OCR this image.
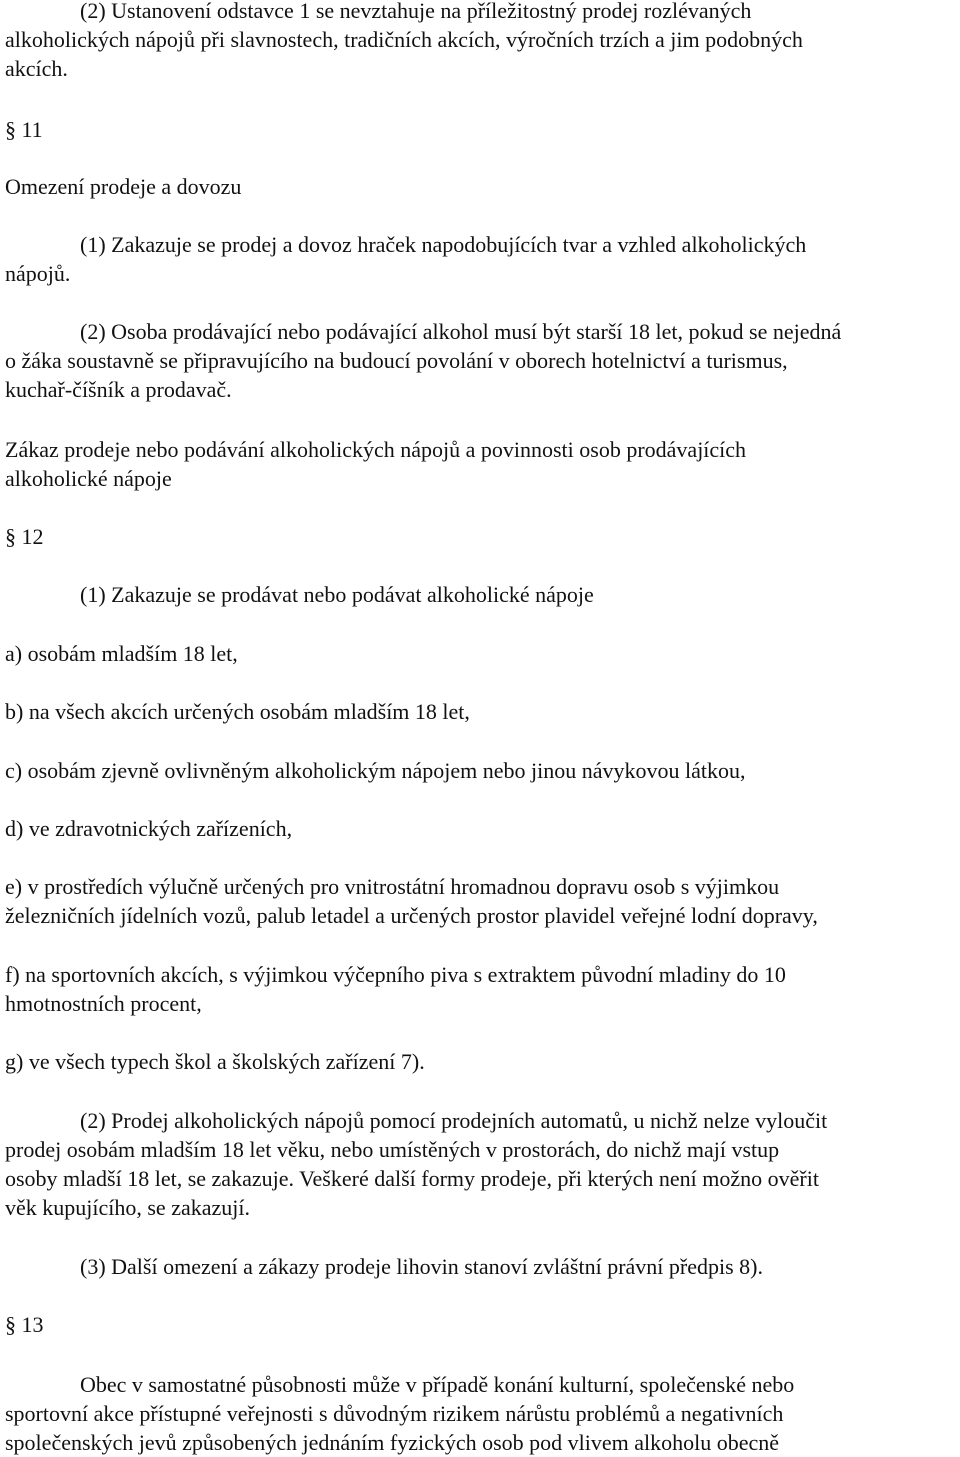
(2) Ustanovení odstavce 1 se nevztahuje na příležitostný prodej rozlévaných

alkoholických nápojů při slavnostech, tradičních akcích, výročních trzích a jim podobných

akcích.

§ 11

Omezení prodeje a dovozu

(1) Zakazuje se prodej a dovoz hraček napodobujících tvar a vzhled alkoholických

nápojů.

(2) Osoba prodávající nebo podávající alkohol musí být starší 18 let, pokud se nejedná

o žáka soustavně se připravujícího na budoucí povolání v oborech hotelnictví a turismus,

kuchař-číšník a prodavač.

Zákaz prodeje nebo podávání alkoholických nápojů a povinnosti osob prodávajících

alkoholické nápoje

§ 12

(1) Zakazuje se prodávat nebo podávat alkoholické nápoje

a) osobám mladším 18 let,

b) na všech akcích určených osobám mladším 18 let,

c) osobám zjevně ovlivněným alkoholickým nápojem nebo jinou návykovou látkou,

d) ve zdravotnických zařízeních,

e) v prostředích výlučně určených pro vnitrostátní hromadnou dopravu osob s výjimkou

železničních jídelních vozů, palub letadel a určených prostor plavidel veřejné lodní dopravy,

f) na sportovních akcích, s výjimkou výčepního piva s extraktem původní mladiny do 10

hmotnostních procent,

g) ve všech typech škol a školských zařízení 7).

(2) Prodej alkoholických nápojů pomocí prodejních automatů, u nichž nelze vyloučit

prodej osobám mladším 18 let věku, nebo umístěných v prostorách, do nichž mají vstup

osoby mladší 18 let, se zakazuje. Veškeré další formy prodeje, při kterých není možno ověřit

věk kupujícího, se zakazují.

(3) Další omezení a zákazy prodeje lihovin stanoví zvláštní právní předpis 8).

§ 13

Obec v samostatné působnosti může v případě konání kulturní, společenské nebo

sportovní akce přístupné veřejnosti s důvodným rizikem nárůstu problémů a negativních

společenských jevů způsobených jednáním fyzických osob pod vlivem alkoholu obecně
